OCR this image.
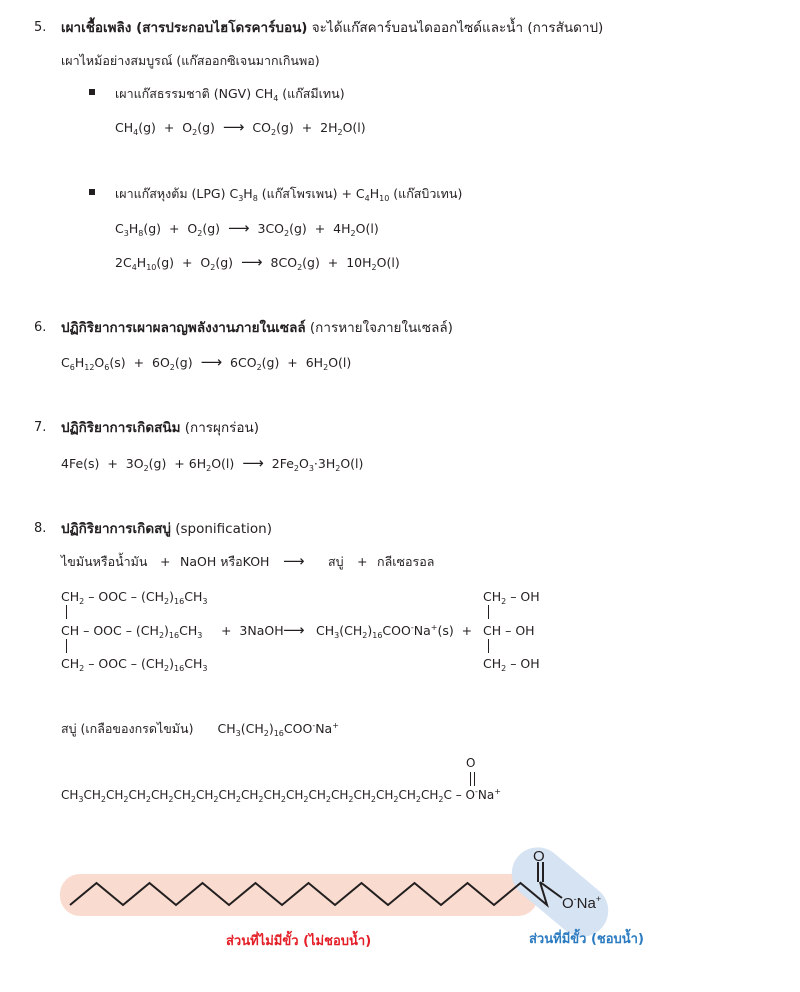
5. เผาเชื้อเพลิง (สารประกอบไฮโดรคาร์บอน) จะได้แก๊สคาร์บอนไดออกไซด์และน้ำ (การสันดาป)
เผาไหม้อย่างสมบูรณ์ (แก๊สออกซิเจนมากเกินพอ)
เผาแก๊สธรรมชาติ (NGV) $CH_4$ (แก๊สมีเทน)
$CH_4(g) + O_2(g)$ ⟶ $CO_2(g) + 2H_2O(l)$
เผาแก๊สหุงต้ม (LPG) $C_3H_8$ (แก๊สโพรเพน) + $C_4H_{10}$ (แก๊สบิวเทน)
$C_3H_8(g) + O_2(g)$ ⟶ $3CO_2(g) + 4H_2O(l)$
$2C_4H_{10}(g) + O_2(g)$ ⟶ $8CO_2(g) + 10H_2O(l)$
6. ปฏิกิริยาการเผาผลาญพลังงานภายในเซลล์ (การหายใจภายในเซลล์)
$C_6H_{12}O_6(s) + 6O_2(g)$ ⟶ $6CO_2(g) + 6H_2O(l)$
7. ปฏิกิริยาการเกิดสนิม (การผุกร่อน)
$4Fe(s) + 3O_2(g) + 6H_2O(l)$ ⟶ $2Fe_2O_3\cdot 3H_2O(l)$
8. ปฏิกิริยาการเกิดสบู่ (sponification)
ไขมันหรือน้ำมัน + NaOH หรือKOH ⟶ สบู่ + กลีเซอรอล
$CH_2$ – OOC – $(CH_2)_{16}CH_3$
CH – OOC – $(CH_2)_{16}CH_3$
$CH_2$ – OOC – $(CH_2)_{16}CH_3$
+  3NaOH ⟶ $CH_3(CH_2)_{16}COO^-Na^+(s)$  +
$CH_2$ – OH
CH – OH
$CH_2$ – OH
สบู่ (เกลือของกรดไขมัน) $CH_3(CH_2)_{16}COO^-Na^+$
O
$CH_3CH_2CH_2CH_2CH_2CH_2CH_2CH_2CH_2CH_2CH_2CH_2CH_2CH_2CH_2CH_2CH_2C - O^-Na^+$
O
O-Na+
ส่วนที่ไม่มีขั้ว (ไม่ชอบน้ำ)	ส่วนที่มีขั้ว (ชอบน้ำ)
